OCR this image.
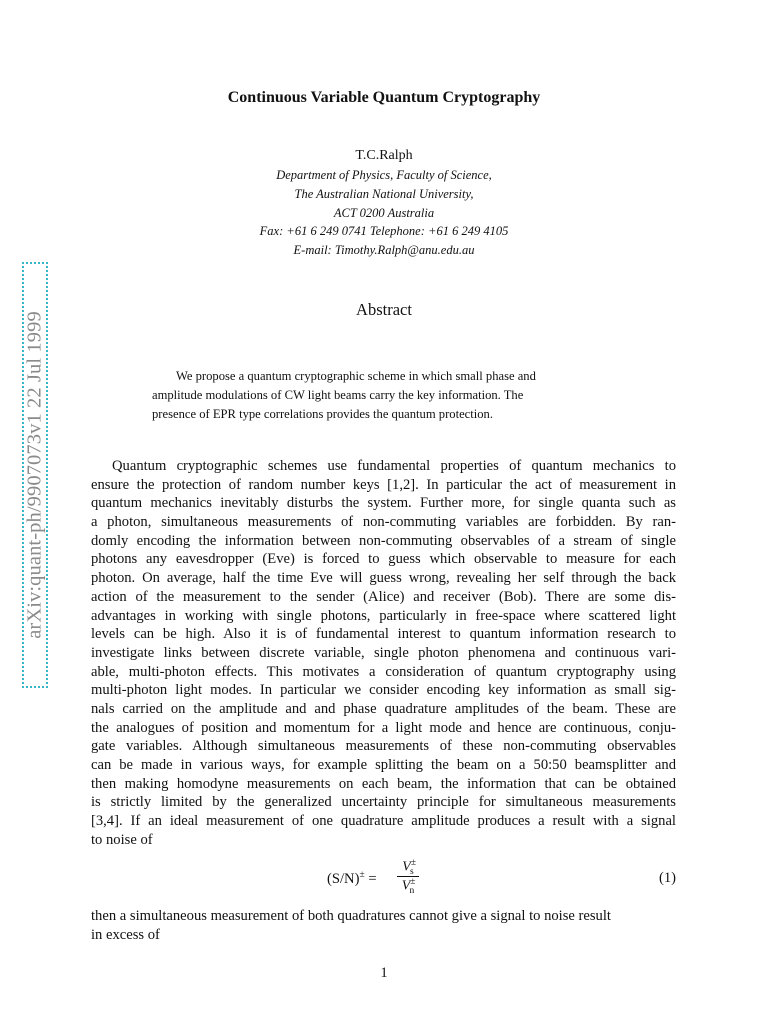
arXiv:quant-ph/9907073v1 22 Jul 1999
Continuous Variable Quantum Cryptography
T.C.Ralph
Department of Physics, Faculty of Science,
The Australian National University,
ACT 0200 Australia
Fax: +61 6 249 0741 Telephone: +61 6 249 4105
E-mail: Timothy.Ralph@anu.edu.au
Abstract
We propose a quantum cryptographic scheme in which small phase and
amplitude modulations of CW light beams carry the key information. The
presence of EPR type correlations provides the quantum protection.
Quantum cryptographic schemes use fundamental properties of quantum mechanics to
ensure the protection of random number keys [1,2]. In particular the act of measurement in
quantum mechanics inevitably disturbs the system. Further more, for single quanta such as
a photon, simultaneous measurements of non-commuting variables are forbidden. By ran-
domly encoding the information between non-commuting observables of a stream of single
photons any eavesdropper (Eve) is forced to guess which observable to measure for each
photon. On average, half the time Eve will guess wrong, revealing her self through the back
action of the measurement to the sender (Alice) and receiver (Bob). There are some dis-
advantages in working with single photons, particularly in free-space where scattered light
levels can be high. Also it is of fundamental interest to quantum information research to
investigate links between discrete variable, single photon phenomena and continuous vari-
able, multi-photon effects. This motivates a consideration of quantum cryptography using
multi-photon light modes. In particular we consider encoding key information as small sig-
nals carried on the amplitude and and phase quadrature amplitudes of the beam. These are
the analogues of position and momentum for a light mode and hence are continuous, conju-
gate variables. Although simultaneous measurements of these non-commuting observables
can be made in various ways, for example splitting the beam on a 50:50 beamsplitter and
then making homodyne measurements on each beam, the information that can be obtained
is strictly limited by the generalized uncertainty principle for simultaneous measurements
[3,4]. If an ideal measurement of one quadrature amplitude produces a result with a signal
to noise of
(S/N)± =
$V^\pm_s$
$V^\pm_n$
(1)
then a simultaneous measurement of both quadratures cannot give a signal to noise result
in excess of
1
